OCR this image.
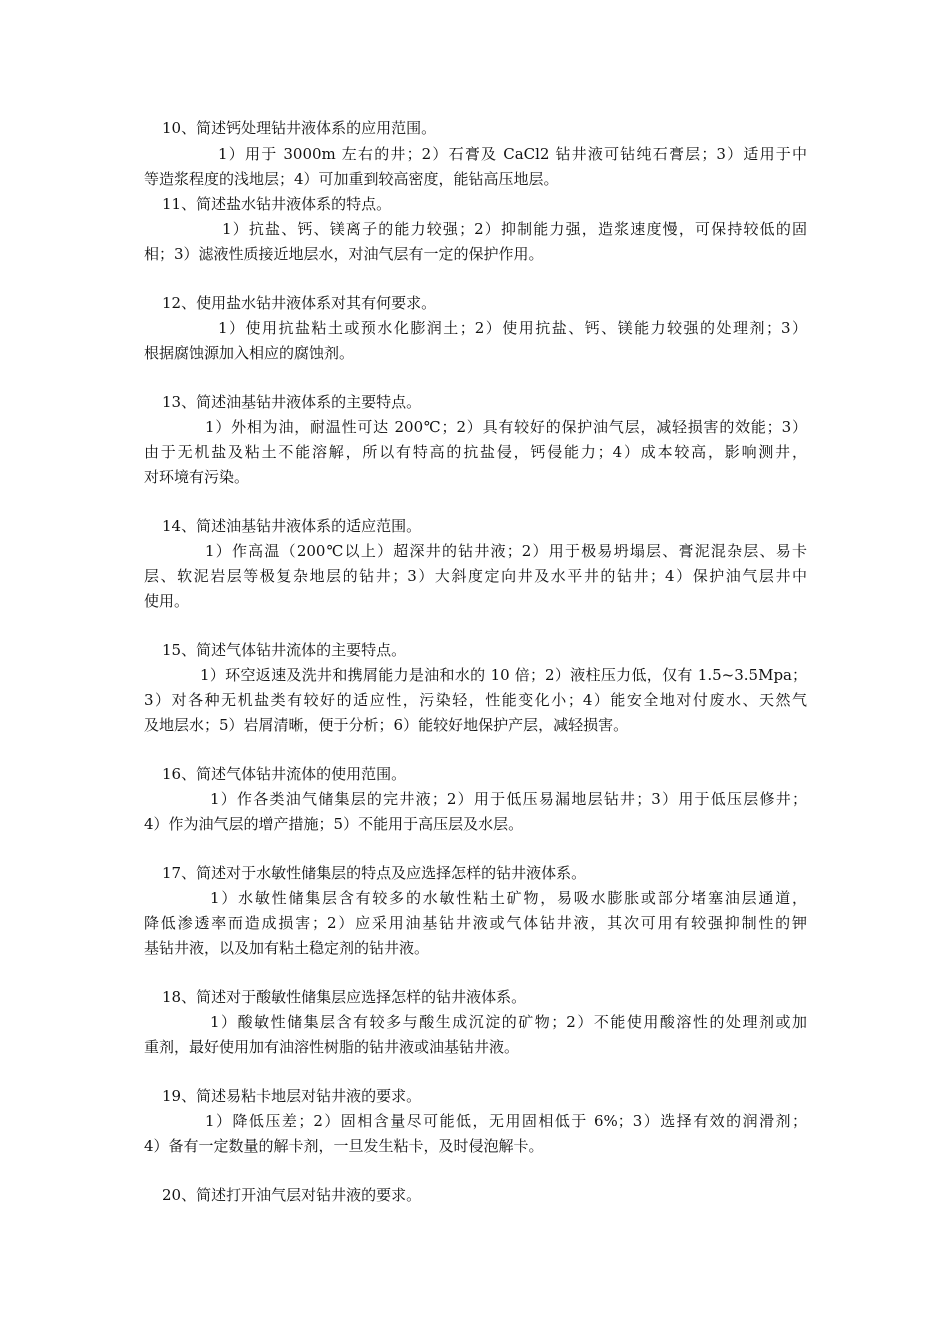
10、简述钙处理钻井液体系的应用范围。
1）用于 3000m 左右的井；2）石膏及 CaCl2 钻井液可钻纯石膏层；3）适用于中
等造浆程度的浅地层；4）可加重到较高密度，能钻高压地层。
11、简述盐水钻井液体系的特点。
1）抗盐、钙、镁离子的能力较强；2）抑制能力强，造浆速度慢，可保持较低的固
相；3）滤液性质接近地层水，对油气层有一定的保护作用。
12、使用盐水钻井液体系对其有何要求。
1）使用抗盐粘土或预水化膨润土；2）使用抗盐、钙、镁能力较强的处理剂；3）
根据腐蚀源加入相应的腐蚀剂。
13、简述油基钻井液体系的主要特点。
1）外相为油，耐温性可达 200℃；2）具有较好的保护油气层，减轻损害的效能；3）
由于无机盐及粘土不能溶解，所以有特高的抗盐侵，钙侵能力；4）成本较高，影响测井，
对环境有污染。
14、简述油基钻井液体系的适应范围。
1）作高温（200℃以上）超深井的钻井液；2）用于极易坍塌层、膏泥混杂层、易卡
层、软泥岩层等极复杂地层的钻井；3）大斜度定向井及水平井的钻井；4）保护油气层井中
使用。
15、简述气体钻井流体的主要特点。
1）环空返速及洗井和携屑能力是油和水的 10 倍；2）液柱压力低，仅有 1.5~3.5Mpa；
3）对各种无机盐类有较好的适应性，污染轻，性能变化小；4）能安全地对付废水、天然气
及地层水；5）岩屑清晰，便于分析；6）能较好地保护产层，减轻损害。
16、简述气体钻井流体的使用范围。
1）作各类油气储集层的完井液；2）用于低压易漏地层钻井；3）用于低压层修井；
4）作为油气层的增产措施；5）不能用于高压层及水层。
17、简述对于水敏性储集层的特点及应选择怎样的钻井液体系。
1）水敏性储集层含有较多的水敏性粘土矿物，易吸水膨胀或部分堵塞油层通道，
降低渗透率而造成损害；2）应采用油基钻井液或气体钻井液，其次可用有较强抑制性的钾
基钻井液，以及加有粘土稳定剂的钻井液。
18、简述对于酸敏性储集层应选择怎样的钻井液体系。
1）酸敏性储集层含有较多与酸生成沉淀的矿物；2）不能使用酸溶性的处理剂或加
重剂，最好使用加有油溶性树脂的钻井液或油基钻井液。
19、简述易粘卡地层对钻井液的要求。
1）降低压差；2）固相含量尽可能低，无用固相低于 6%；3）选择有效的润滑剂；
4）备有一定数量的解卡剂，一旦发生粘卡，及时侵泡解卡。
20、简述打开油气层对钻井液的要求。
